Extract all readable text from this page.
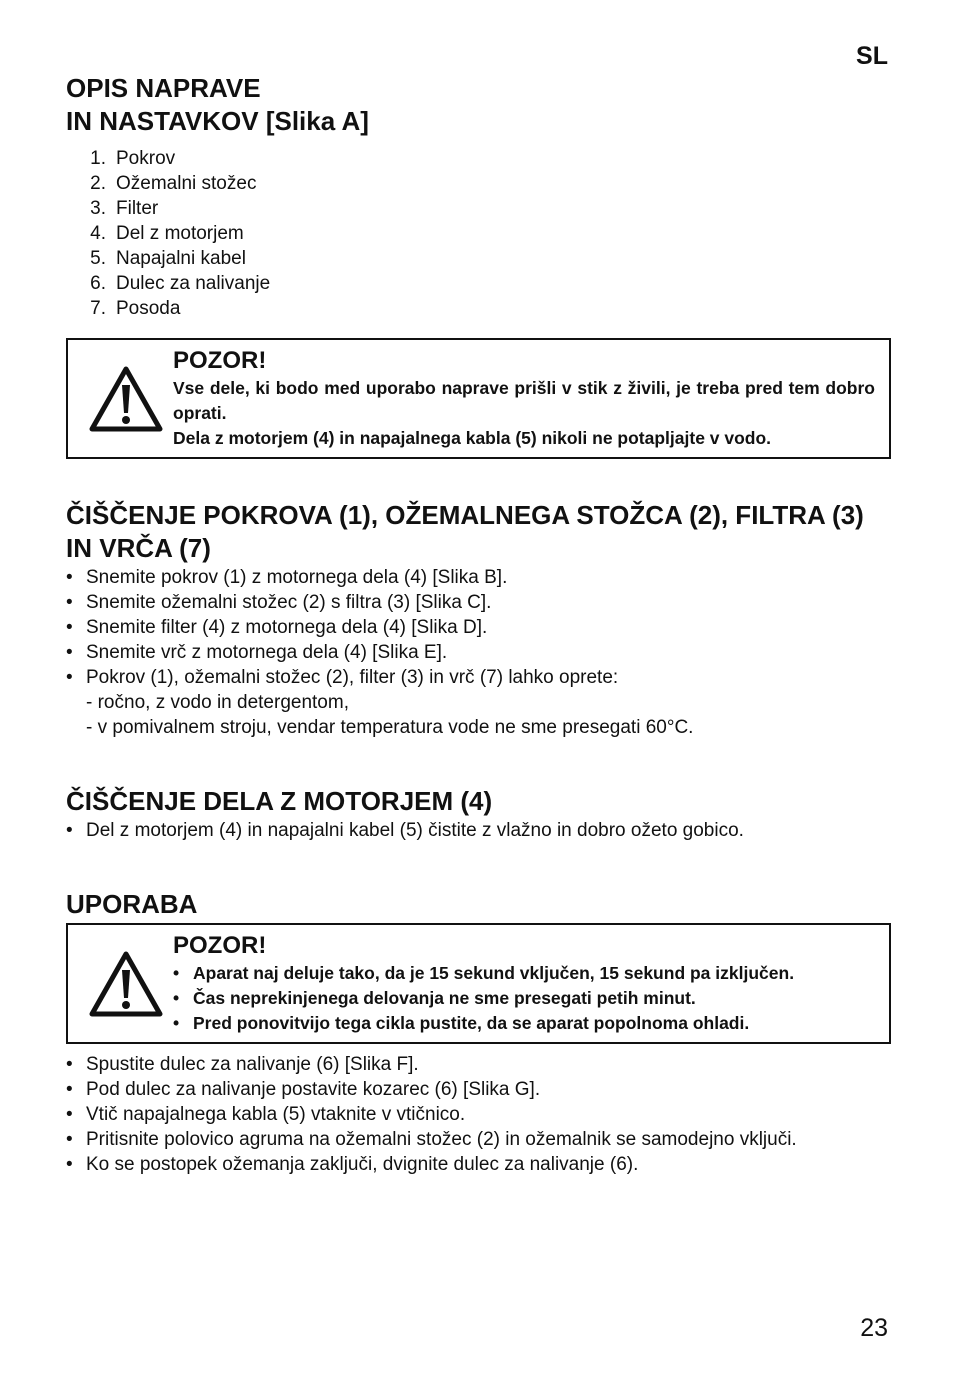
SL
OPIS NAPRAVE
IN NASTAVKOV [Slika A]
1. Pokrov
2. Ožemalni stožec
3. Filter
4. Del z motorjem
5. Napajalni kabel
6. Dulec za nalivanje
7. Posoda
POZOR!

Vse dele, ki bodo med uporabo naprave prišli v stik z živili, je treba pred tem dobro oprati.

Dela z motorjem (4) in napajalnega kabla (5) nikoli ne potapljajte v vodo.

ČIŠČENJE POKROVA (1), OŽEMALNEGA STOŽCA (2), FILTRA (3) IN VRČA (7)
• Snemite pokrov (1) z motornega dela (4) [Slika B].
• Snemite ožemalni stožec (2) s filtra (3) [Slika C].
• Snemite filter (4) z motornega dela (4) [Slika D].
• Snemite vrč z motornega dela (4) [Slika E].
• Pokrov (1), ožemalni stožec (2), filter (3) in vrč (7) lahko oprete:
- ročno, z vodo in detergentom,
- v pomivalnem stroju, vendar temperatura vode ne sme presegati 60°C.
ČIŠČENJE DELA Z MOTORJEM (4)
• Del z motorjem (4) in napajalni kabel (5) čistite z vlažno in dobro ožeto gobico.
UPORABA
POZOR!
• Aparat naj deluje tako, da je 15 sekund vključen, 15 sekund pa izključen.
• Čas neprekinjenega delovanja ne sme presegati petih minut.
• Pred ponovitvijo tega cikla pustite, da se aparat popolnoma ohladi.
• Spustite dulec za nalivanje (6) [Slika F].
• Pod dulec za nalivanje postavite kozarec (6) [Slika G].
• Vtič napajalnega kabla (5) vtaknite v vtičnico.
• Pritisnite polovico agruma na ožemalni stožec (2) in ožemalnik se samodejno vključi.
• Ko se postopek ožemanja zaključi, dvignite dulec za nalivanje (6).
23
